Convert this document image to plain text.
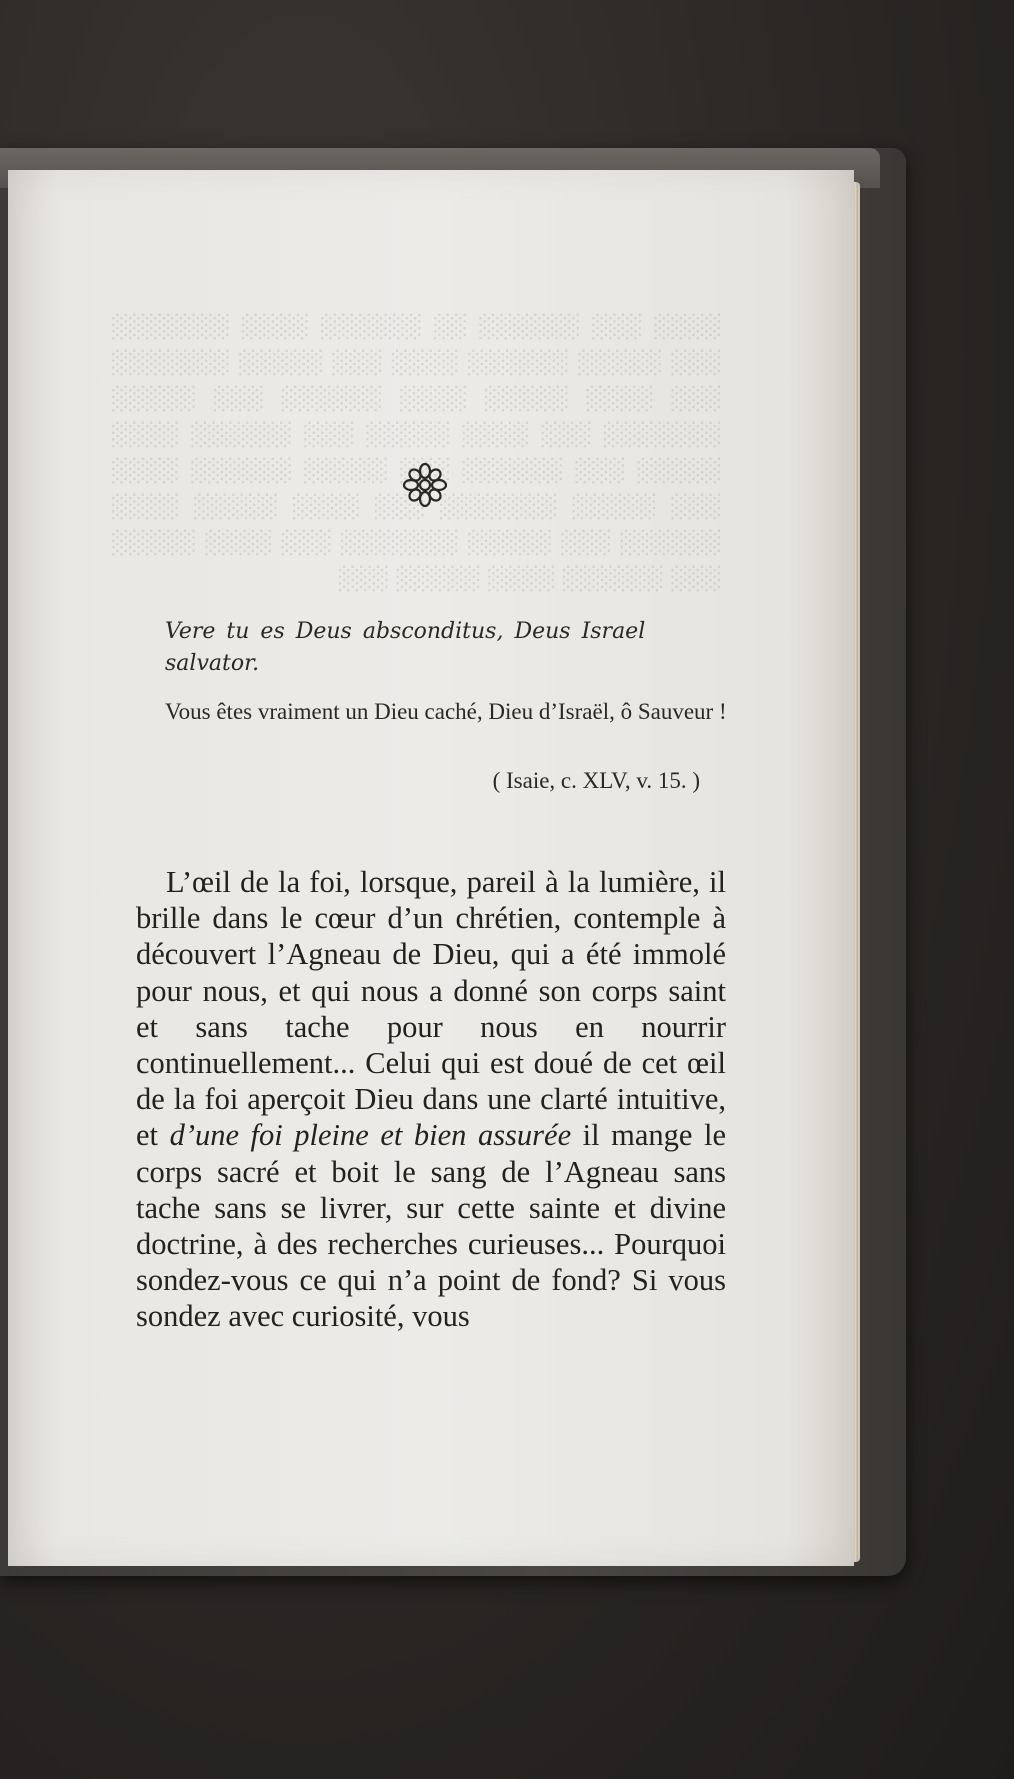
░░░░ ░░░ ░░░░░░ ░░ ░░░░░░ ░░░░ ░░░░░░░ ░░░ ░░░░░ ░░░░░░ ░░░░ ░░░ ░░░░░ ░░░░░░░ ░░░ ░░░░ ░░░░░ ░░░░ ░░░░░░ ░░░ ░░░░░ ░░░░░░░ ░░░ ░░░░ ░░░░░ ░░░ ░░░░░░ ░░░░ ░░░░░ ░░░ ░░░░░░ ░░░ ░░░░░ ░░░░░░ ░░░░ ░░░ ░░░░░ ░░░░░░░ ░░░ ░░░░ ░░░░░ ░░░░ ░░░░░░ ░░░ ░░░░░ ░░░░░░░ ░░░ ░░░░ ░░░░░ ░░░ ░░░░░░ ░░░░ ░░░░░ ░░░

Vere tu es Deus absconditus, Deus Israel salvator.

Vous êtes vraiment un Dieu caché, Dieu d’Israël, ô Sauveur !

( Isaie, c. XLV, v. 15. )

L’œil de la foi, lorsque, pareil à la lumière, il brille dans le cœur d’un chrétien, contemple à découvert l’Agneau de Dieu, qui a été immolé pour nous, et qui nous a donné son corps saint et sans tache pour nous en nourrir continuellement... Celui qui est doué de cet œil de la foi aperçoit Dieu dans une clarté intuitive, et d’une foi pleine et bien assurée il mange le corps sacré et boit le sang de l’Agneau sans tache sans se livrer, sur cette sainte et divine doctrine, à des recherches curieuses... Pourquoi sondez-vous ce qui n’a point de fond? Si vous sondez avec curiosité, vous
